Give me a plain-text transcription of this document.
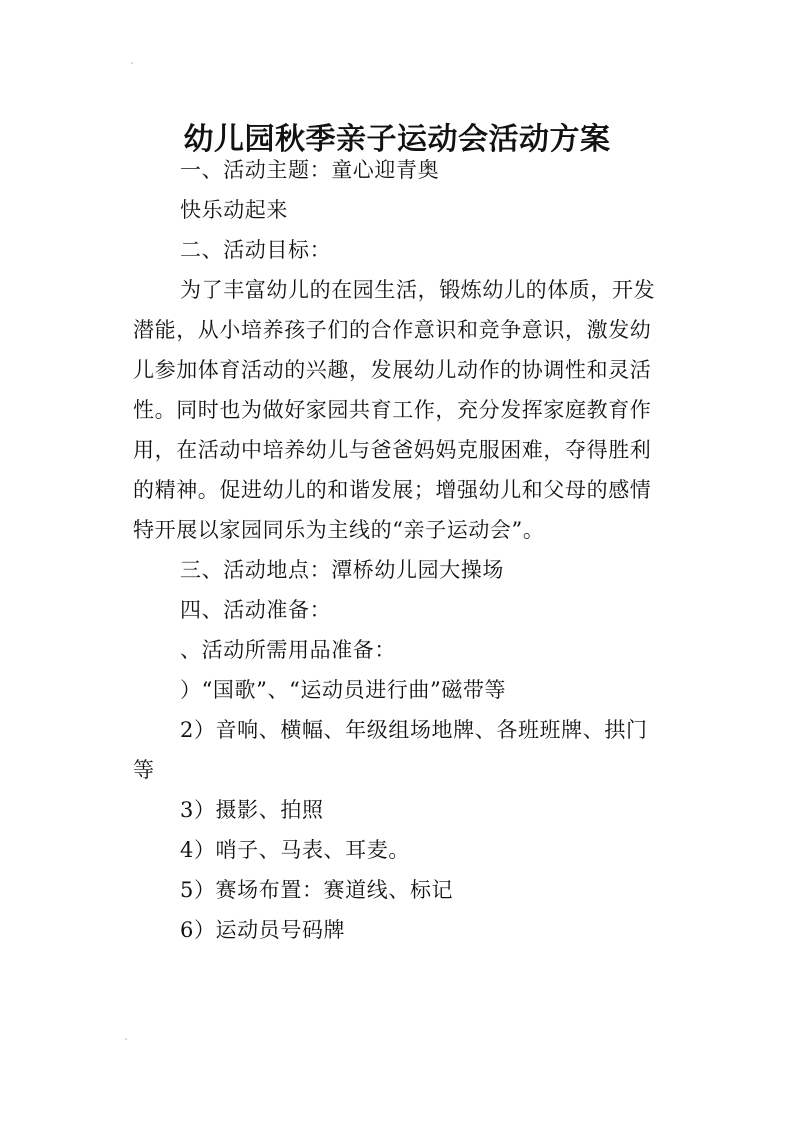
幼儿园秋季亲子运动会活动方案

一、活动主题：童心迎青奥

快乐动起来

二、活动目标：

为了丰富幼儿的在园生活，锻炼幼儿的体质，开发潜能，从小培养孩子们的合作意识和竞争意识，激发幼儿参加体育活动的兴趣，发展幼儿动作的协调性和灵活性。同时也为做好家园共育工作，充分发挥家庭教育作用，在活动中培养幼儿与爸爸妈妈克服困难，夺得胜利的精神。促进幼儿的和谐发展；增强幼儿和父母的感情特开展以家园同乐为主线的“亲子运动会”。

三、活动地点：潭桥幼儿园大操场

四、活动准备：

、活动所需用品准备：

）“国歌”、“运动员进行曲”磁带等

2）音响、横幅、年级组场地牌、各班班牌、拱门等

3）摄影、拍照

4）哨子、马表、耳麦。

5）赛场布置：赛道线、标记

6）运动员号码牌
